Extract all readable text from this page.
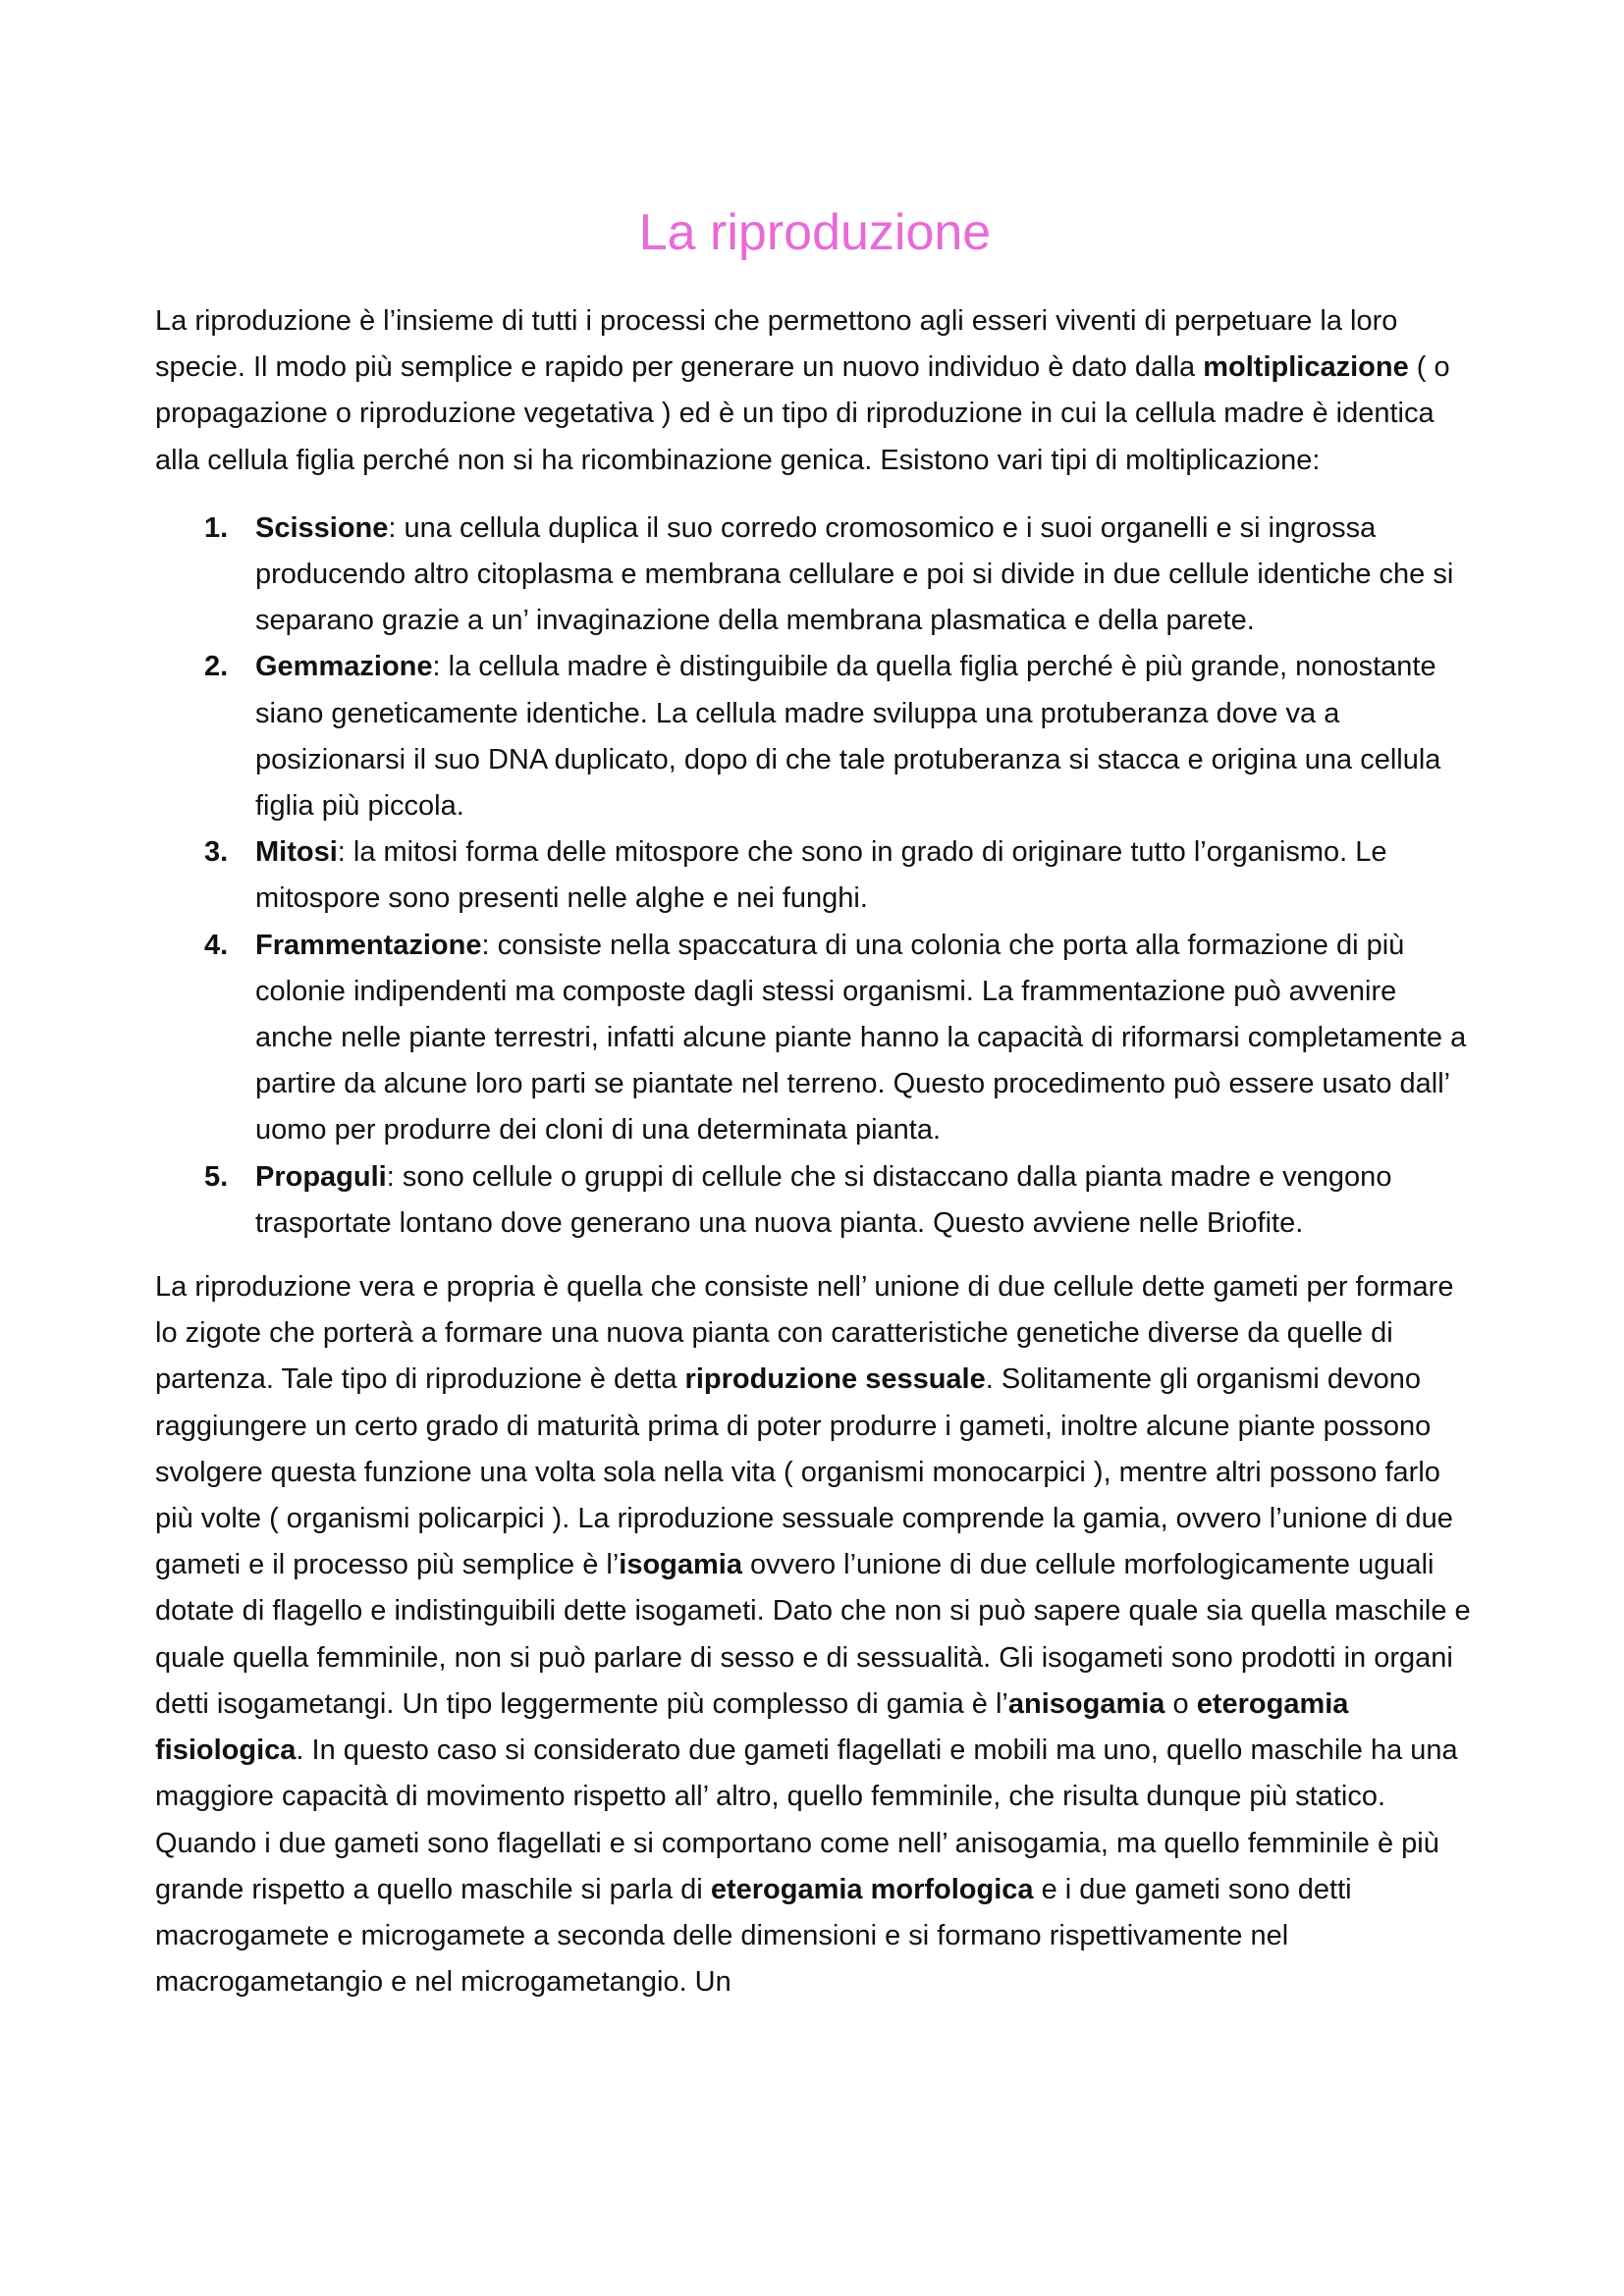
La riproduzione

La riproduzione è l’insieme di tutti i processi che permettono agli esseri viventi di perpetuare la loro specie. Il modo più semplice e rapido per generare un nuovo individuo è dato dalla moltiplicazione ( o propagazione o riproduzione vegetativa ) ed è un tipo di riproduzione in cui la cellula madre è identica alla cellula figlia perché non si ha ricombinazione genica. Esistono vari tipi di moltiplicazione:

1. Scissione: una cellula duplica il suo corredo cromosomico e i suoi organelli e si ingrossa producendo altro citoplasma e membrana cellulare e poi si divide in due cellule identiche che si separano grazie a un’ invaginazione della membrana plasmatica e della parete.
2. Gemmazione: la cellula madre è distinguibile da quella figlia perché è più grande, nonostante siano geneticamente identiche. La cellula madre sviluppa una protuberanza dove va a posizionarsi il suo DNA duplicato, dopo di che tale protuberanza si stacca e origina una cellula figlia più piccola.
3. Mitosi: la mitosi forma delle mitospore che sono in grado di originare tutto l’organismo. Le mitospore sono presenti nelle alghe e nei funghi.
4. Frammentazione: consiste nella spaccatura di una colonia che porta alla formazione di più colonie indipendenti ma composte dagli stessi organismi. La frammentazione può avvenire anche nelle piante terrestri, infatti alcune piante hanno la capacità di riformarsi completamente a partire da alcune loro parti se piantate nel terreno. Questo procedimento può essere usato dall’ uomo per produrre dei cloni di una determinata pianta.
5. Propaguli: sono cellule o gruppi di cellule che si distaccano dalla pianta madre e vengono trasportate lontano dove generano una nuova pianta. Questo avviene nelle Briofite.

La riproduzione vera e propria è quella che consiste nell’ unione di due cellule dette gameti per formare lo zigote che porterà a formare una nuova pianta con caratteristiche genetiche diverse da quelle di partenza. Tale tipo di riproduzione è detta riproduzione sessuale. Solitamente gli organismi devono raggiungere un certo grado di maturità prima di poter produrre i gameti, inoltre alcune piante possono svolgere questa funzione una volta sola nella vita ( organismi monocarpici ), mentre altri possono farlo più volte ( organismi policarpici ). La riproduzione sessuale comprende la gamia, ovvero l’unione di due gameti e il processo più semplice è l’isogamia ovvero l’unione di due cellule morfologicamente uguali dotate di flagello e indistinguibili dette isogameti. Dato che non si può sapere quale sia quella maschile e quale quella femminile, non si può parlare di sesso e di sessualità. Gli isogameti sono prodotti in organi detti isogametangi. Un tipo leggermente più complesso di gamia è l’anisogamia o eterogamia fisiologica. In questo caso si considerato due gameti flagellati e mobili ma uno, quello maschile ha una maggiore capacità di movimento rispetto all’ altro, quello femminile, che risulta dunque più statico. Quando i due gameti sono flagellati e si comportano come nell’ anisogamia, ma quello femminile è più grande rispetto a quello maschile si parla di eterogamia morfologica e i due gameti sono detti macrogamete e microgamete a seconda delle dimensioni e si formano rispettivamente nel macrogametangio e nel microgametangio. Un
